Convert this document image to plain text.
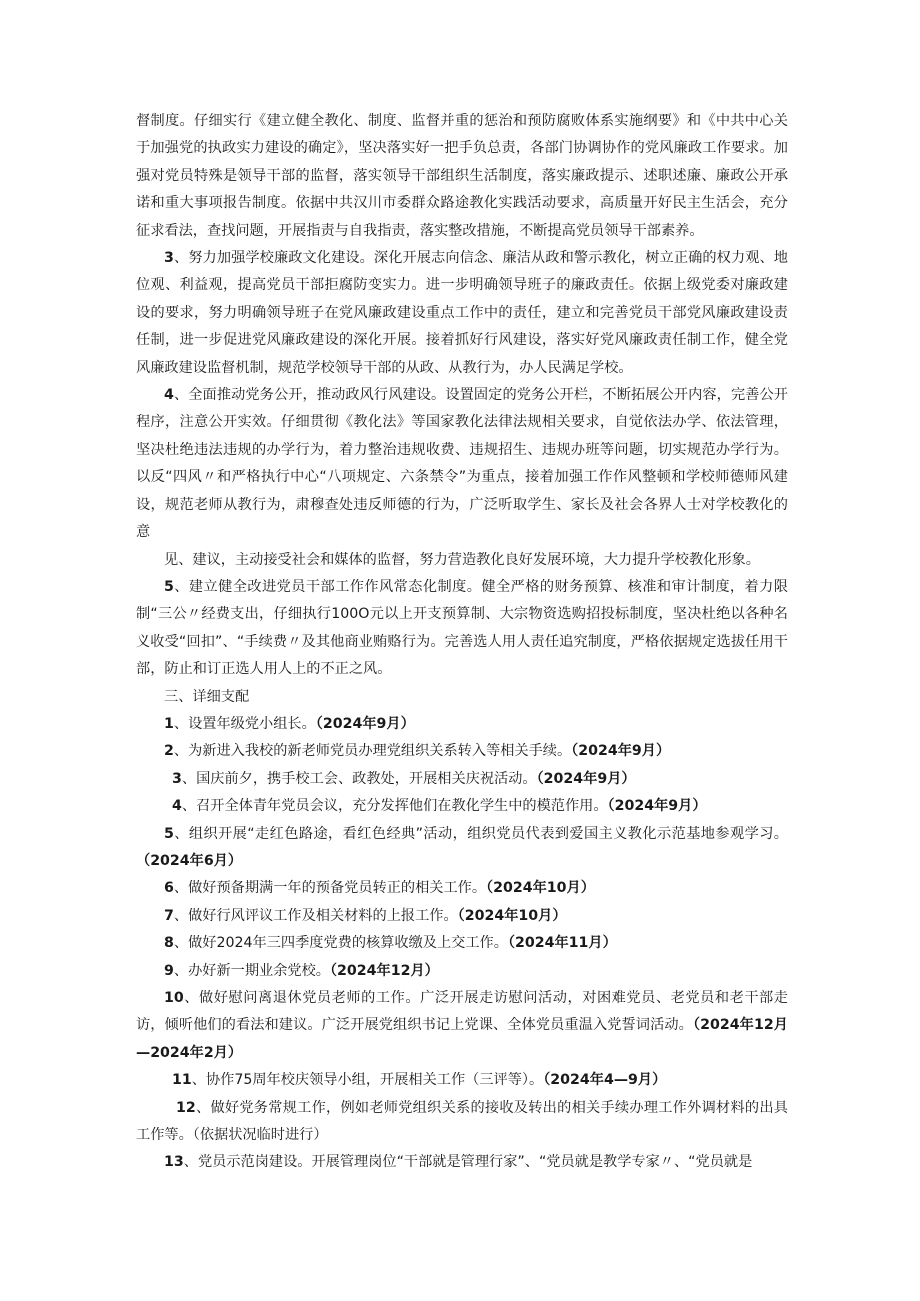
督制度。仔细实行《建立健全教化、制度、监督并重的惩治和预防腐败体系实施纲要》和《中共中心关于加强党的执政实力建设的确定》，坚决落实好一把手负总责，各部门协调协作的党风廉政工作要求。加强对党员特殊是领导干部的监督，落实领导干部组织生活制度，落实廉政提示、述职述廉、廉政公开承诺和重大事项报告制度。依据中共汉川市委群众路途教化实践活动要求，高质量开好民主生活会，充分征求看法，查找问题，开展指责与自我指责，落实整改措施，不断提高党员领导干部素养。

3、努力加强学校廉政文化建设。深化开展志向信念、廉洁从政和警示教化，树立正确的权力观、地位观、利益观，提高党员干部拒腐防变实力。进一步明确领导班子的廉政责任。依据上级党委对廉政建设的要求，努力明确领导班子在党风廉政建设重点工作中的责任，建立和完善党员干部党风廉政建设责任制，进一步促进党风廉政建设的深化开展。接着抓好行风建设，落实好党风廉政责任制工作，健全党风廉政建设监督机制，规范学校领导干部的从政、从教行为，办人民满足学校。

4、全面推动党务公开，推动政风行风建设。设置固定的党务公开栏，不断拓展公开内容，完善公开程序，注意公开实效。仔细贯彻《教化法》等国家教化法律法规相关要求，自觉依法办学、依法管理，坚决杜绝违法违规的办学行为，着力整治违规收费、违规招生、违规办班等问题，切实规范办学行为。以反“四风〃和严格执行中心“八项规定、六条禁令”为重点，接着加强工作作风整顿和学校师德师风建设，规范老师从教行为，肃穆查处违反师德的行为，广泛听取学生、家长及社会各界人士对学校教化的意

见、建议，主动接受社会和媒体的监督，努力营造教化良好发展环境，大力提升学校教化形象。

5、建立健全改进党员干部工作作风常态化制度。健全严格的财务预算、核准和审计制度，着力限制“三公〃经费支出，仔细执行100O元以上开支预算制、大宗物资选购招投标制度，坚决杜绝以各种名义收受“回扣”、“手续费〃及其他商业贿赂行为。完善选人用人责任追究制度，严格依据规定选拔任用干部，防止和订正选人用人上的不正之风。

三、详细支配

1、设置年级党小组长。（2024年9月）

2、为新进入我校的新老师党员办理党组织关系转入等相关手续。（2024年9月）

3、国庆前夕，携手校工会、政教处，开展相关庆祝活动。（2024年9月）

4、召开全体青年党员会议，充分发挥他们在教化学生中的模范作用。（2024年9月）

5、组织开展“走红色路途，看红色经典”活动，组织党员代表到爱国主义教化示范基地参观学习。（2024年6月）

6、做好预备期满一年的预备党员转正的相关工作。（2024年10月）

7、做好行风评议工作及相关材料的上报工作。（2024年10月）

8、做好2024年三四季度党费的核算收缴及上交工作。（2024年11月）

9、办好新一期业余党校。（2024年12月）

10、做好慰问离退休党员老师的工作。广泛开展走访慰问活动，对困难党员、老党员和老干部走访，倾听他们的看法和建议。广泛开展党组织书记上党课、全体党员重温入党誓词活动。（2024年12月—2024年2月）

11、协作75周年校庆领导小组，开展相关工作（三评等）。（2024年4—9月）

12、做好党务常规工作，例如老师党组织关系的接收及转出的相关手续办理工作外调材料的出具工作等。（依据状况临时进行）

13、党员示范岗建设。开展管理岗位“干部就是管理行家”、“党员就是教学专家〃、“党员就是
